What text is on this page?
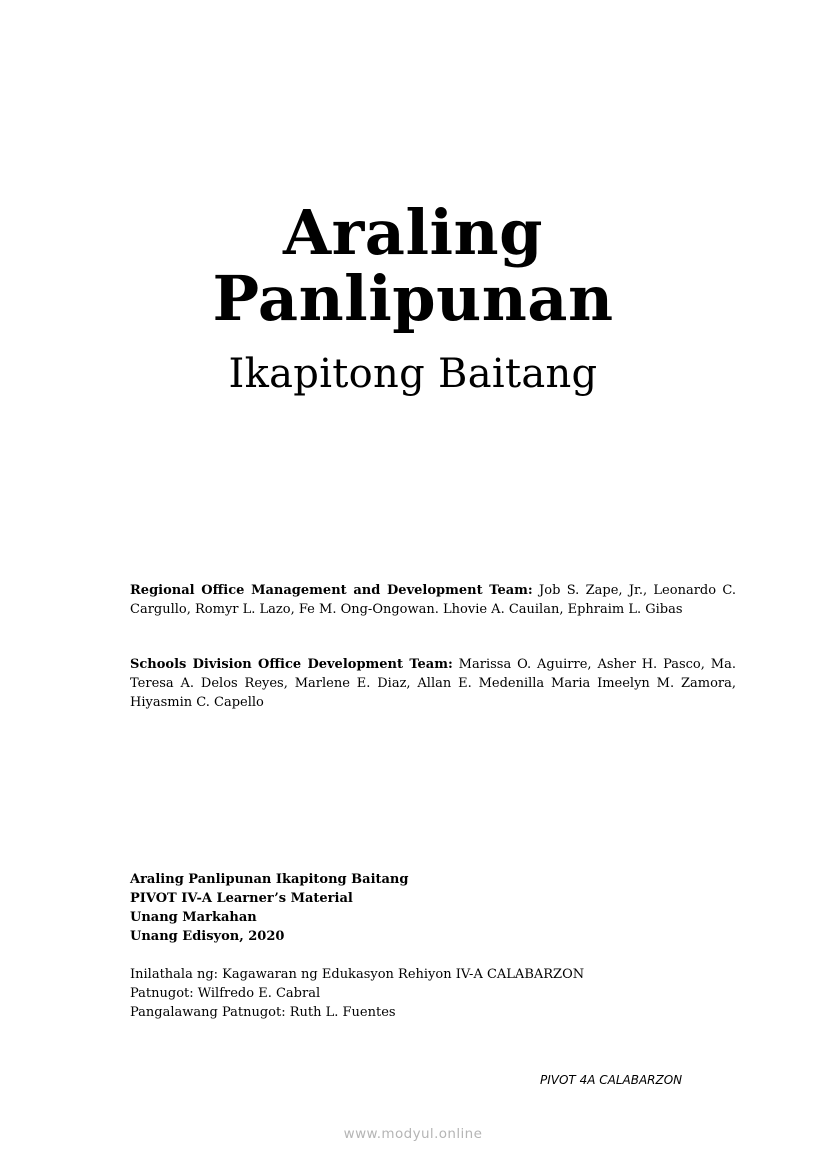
Araling
Panlipunan
Ikapitong Baitang
Regional Office Management and Development Team: Job S. Zape, Jr., Leonardo C. Cargullo, Romyr L. Lazo, Fe M. Ong-Ongowan. Lhovie A. Cauilan, Ephraim L. Gibas
Schools Division Office Development Team: Marissa O. Aguirre, Asher H. Pasco, Ma. Teresa A. Delos Reyes, Marlene E. Diaz, Allan E. Medenilla Maria Imeelyn M. Zamora, Hiyasmin C. Capello
Araling Panlipunan Ikapitong Baitang
PIVOT IV-A Learner’s Material
Unang Markahan
Unang Edisyon, 2020
Inilathala ng: Kagawaran ng Edukasyon Rehiyon IV-A CALABARZON
Patnugot: Wilfredo E. Cabral
Pangalawang Patnugot: Ruth L. Fuentes
PIVOT 4A CALABARZON
www.modyul.online
